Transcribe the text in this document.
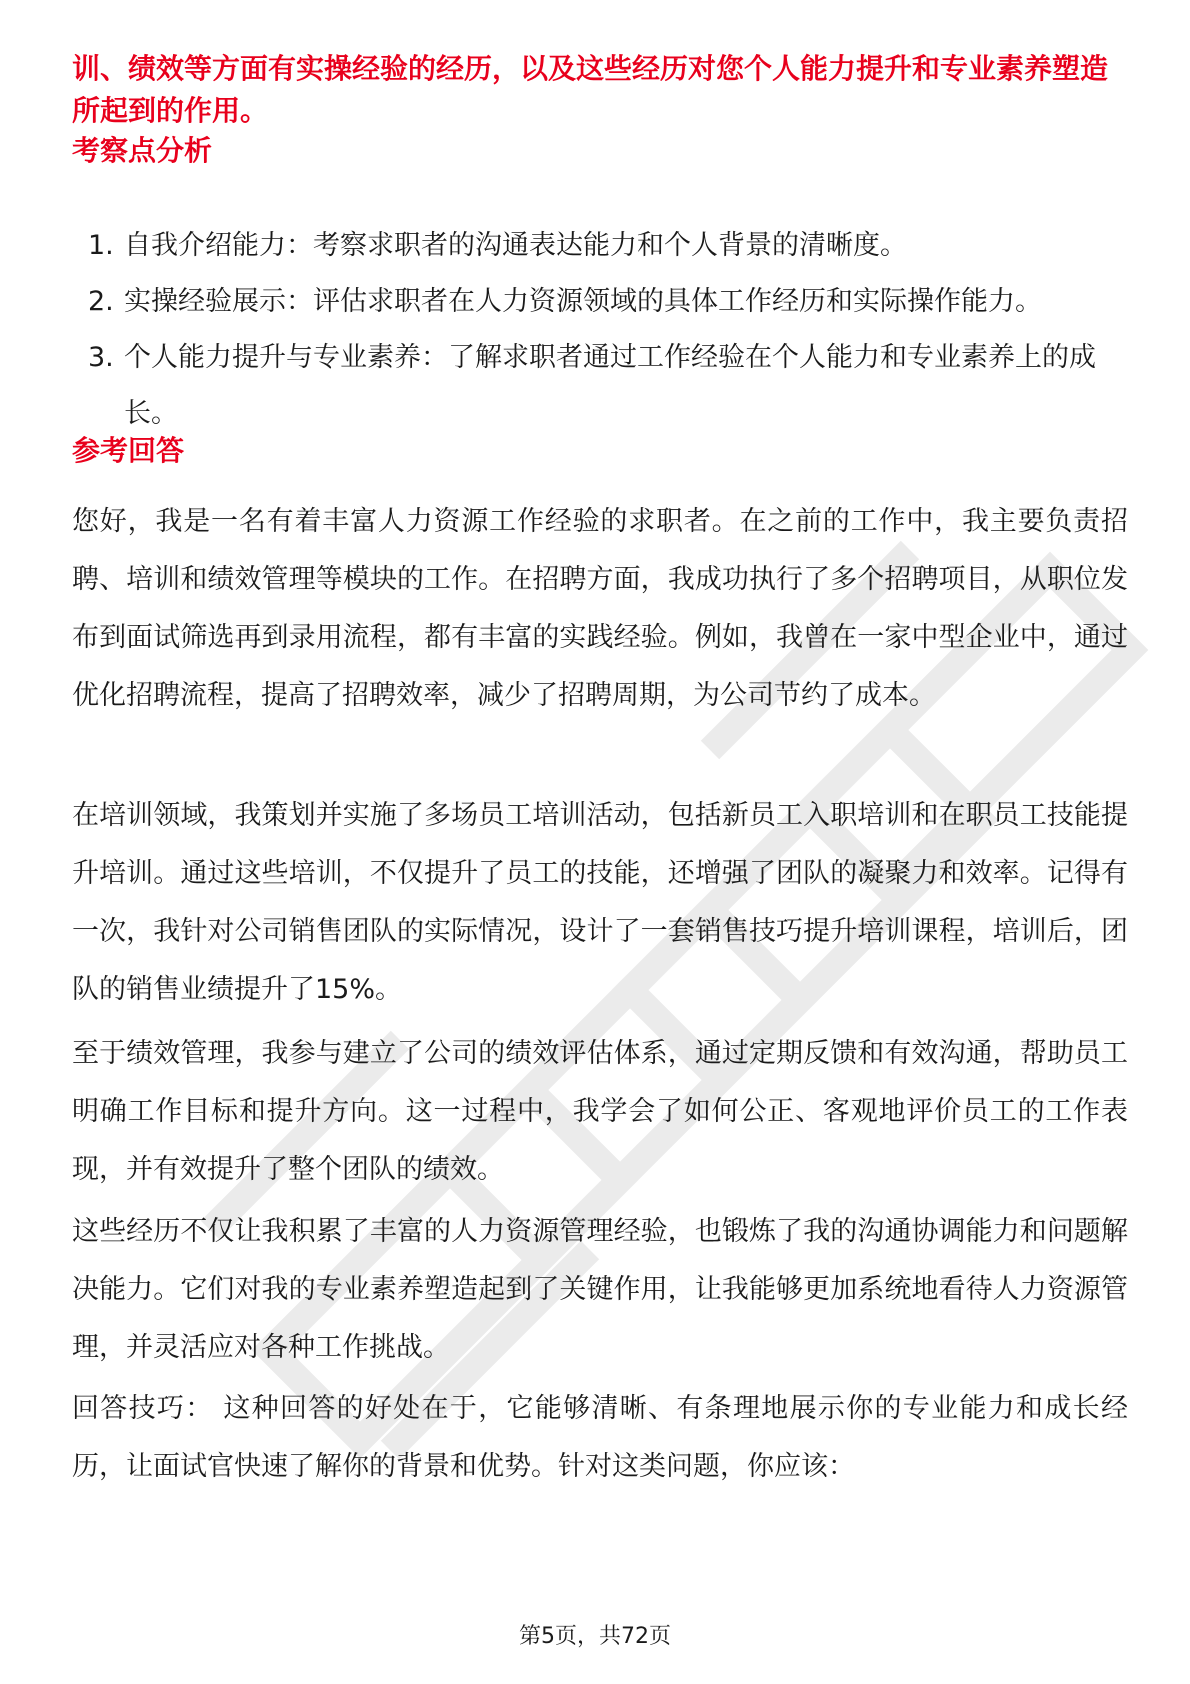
训、绩效等方面有实操经验的经历，以及这些经历对您个人能力提升和专业素养塑造所起到的作用。
考察点分析
1. 自我介绍能力：考察求职者的沟通表达能力和个人背景的清晰度。
2. 实操经验展示：评估求职者在人力资源领域的具体工作经历和实际操作能力。
3. 个人能力提升与专业素养：了解求职者通过工作经验在个人能力和专业素养上的成长。
参考回答

您好，我是一名有着丰富人力资源工作经验的求职者。在之前的工作中，我主要负责招聘、培训和绩效管理等模块的工作。在招聘方面，我成功执行了多个招聘项目，从职位发布到面试筛选再到录用流程，都有丰富的实践经验。例如，我曾在一家中型企业中，通过优化招聘流程，提高了招聘效率，减少了招聘周期，为公司节约了成本。

在培训领域，我策划并实施了多场员工培训活动，包括新员工入职培训和在职员工技能提升培训。通过这些培训，不仅提升了员工的技能，还增强了团队的凝聚力和效率。记得有一次，我针对公司销售团队的实际情况，设计了一套销售技巧提升培训课程，培训后，团队的销售业绩提升了15%。

至于绩效管理，我参与建立了公司的绩效评估体系，通过定期反馈和有效沟通，帮助员工明确工作目标和提升方向。这一过程中，我学会了如何公正、客观地评价员工的工作表现，并有效提升了整个团队的绩效。

这些经历不仅让我积累了丰富的人力资源管理经验，也锻炼了我的沟通协调能力和问题解决能力。它们对我的专业素养塑造起到了关键作用，让我能够更加系统地看待人力资源管理，并灵活应对各种工作挑战。

回答技巧： 这种回答的好处在于，它能够清晰、有条理地展示你的专业能力和成长经历，让面试官快速了解你的背景和优势。针对这类问题，你应该：

第5页，共72页
